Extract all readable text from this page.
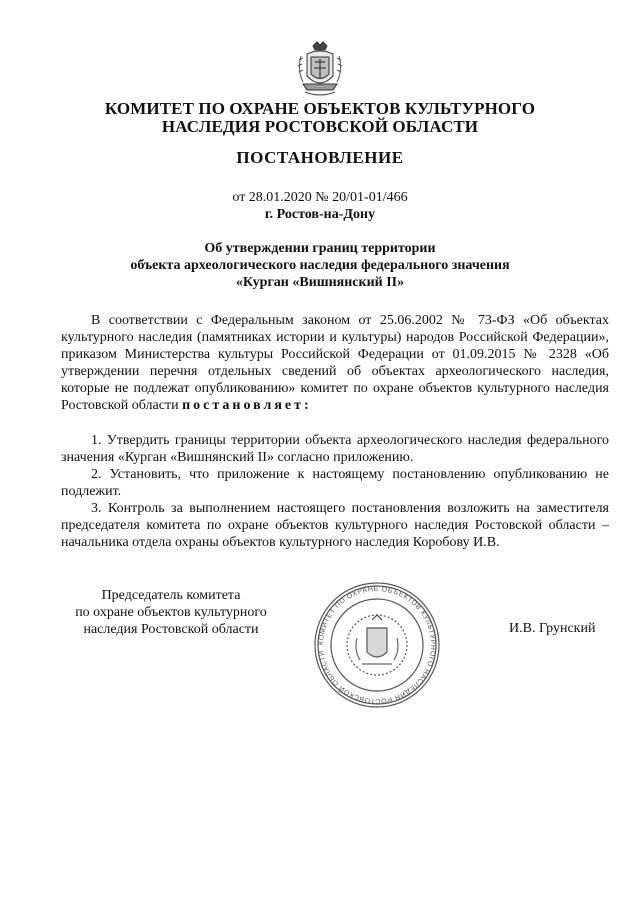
КОМИТЕТ ПО ОХРАНЕ ОБЪЕКТОВ КУЛЬТУРНОГО
НАСЛЕДИЯ РОСТОВСКОЙ ОБЛАСТИ
ПОСТАНОВЛЕНИЕ
от 28.01.2020 № 20/01-01/466
г. Ростов-на-Дону
Об утверждении границ территории
объекта археологического наследия федерального значения
«Курган «Вишнянский II»
В соответствии с Федеральным законом от 25.06.2002 № 73-ФЗ «Об объектах культурного наследия (памятниках истории и культуры) народов Российской Федерации», приказом Министерства культуры Российской Федерации от 01.09.2015 № 2328 «Об утверждении перечня отдельных сведений об объектах археологического наследия, которые не подлежат опубликованию» комитет по охране объектов культурного наследия Ростовской области постановляет:

1. Утвердить границы территории объекта археологического наследия федерального значения «Курган «Вишнянский II» согласно приложению.

2. Установить, что приложение к настоящему постановлению опубликованию не подлежит.

3. Контроль за выполнением настоящего постановления возложить на заместителя председателя комитета по охране объектов культурного наследия Ростовской области – начальника отдела охраны объектов культурного наследия Коробову И.В.

Председатель комитета
по охране объектов культурного
наследия Ростовской области
КОМИТЕТ ПО ОХРАНЕ ОБЪЕКТОВ КУЛЬТУРНОГО НАСЛЕДИЯ РОСТОВСКОЙ ОБЛАСТИ
И.В. Грунский
